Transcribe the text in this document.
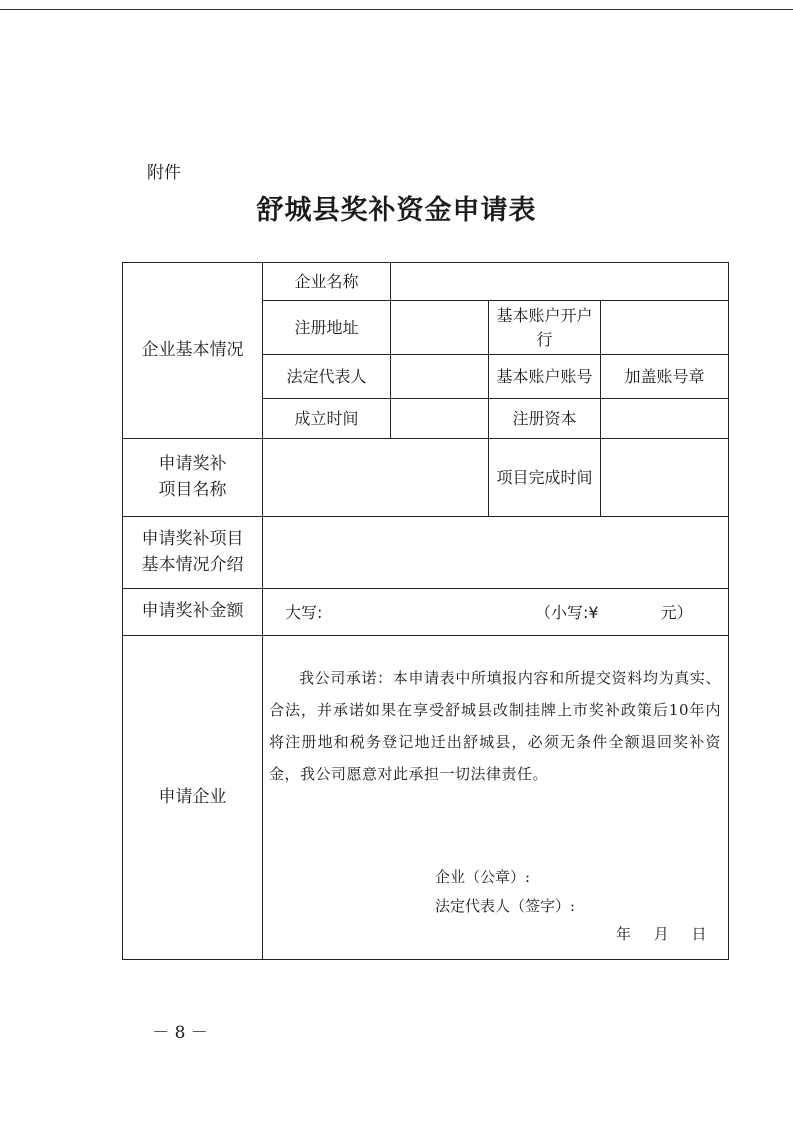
附件
舒城县奖补资金申请表
企业基本情况	企业名称			
	注册地址		基本账户开户行	
	法定代表人		基本账户账号	加盖账号章
	成立时间		注册资本	

申请奖补
项目名称			项目完成时间	

申请奖补项目
基本情况介绍				

申请奖补金额	大写: （小写:¥ 元）			

申请企业	我公司承诺：本申请表中所填报内容和所提交资料均为真实、合法，并承诺如果在享受舒城县改制挂牌上市奖补政策后10年内将注册地和税务登记地迁出舒城县，必须无条件全额退回奖补资金，我公司愿意对此承担一切法律责任。
企业（公章）:
法定代表人（签字）:
年 月 日			
－ 8 －
